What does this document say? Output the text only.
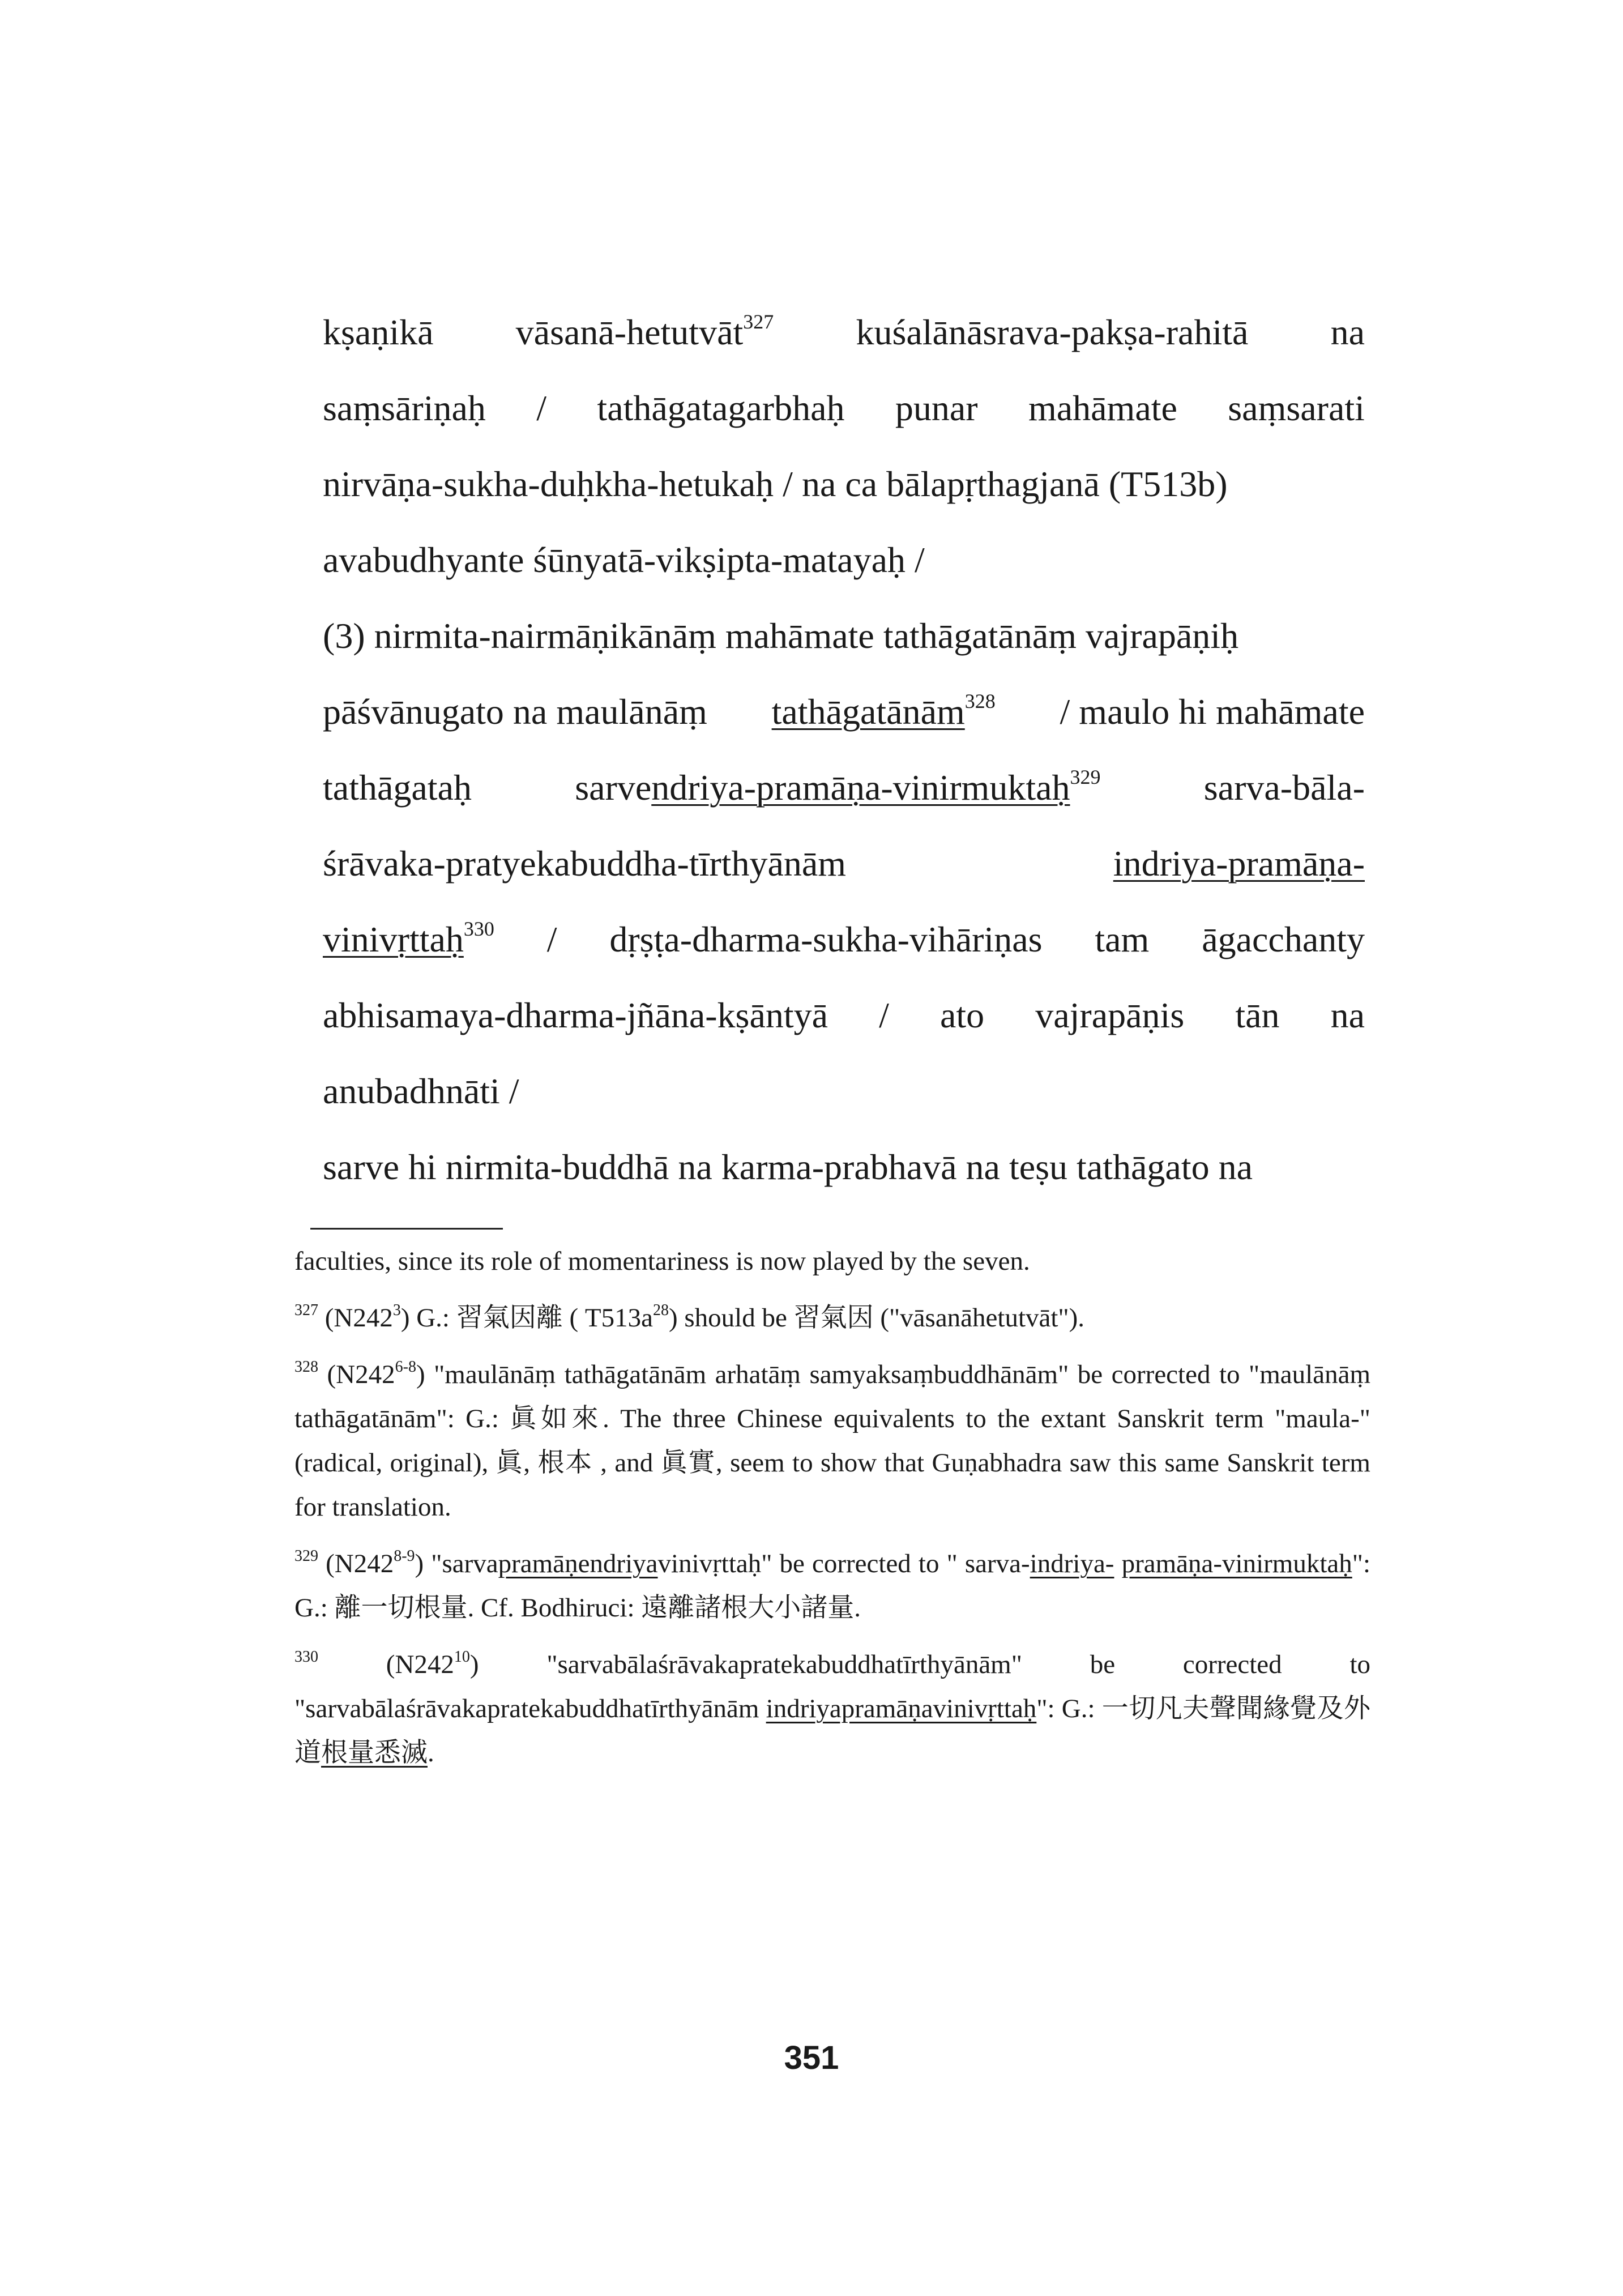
kṣaṇikā vāsanā-hetutvāt$^{327}$ kuśalānāsrava-pakṣa-rahitā na
saṃsāriṇaḥ / tathāgatagarbhaḥ punar mahāmate saṃsarati
nirvāṇa-sukha-duḥkha-hetukaḥ / na ca bālapṛthagjanā (T513b)
avabudhyante śūnyatā-vikṣipta-matayaḥ /
(3) nirmita-nairmāṇikānāṃ mahāmate tathāgatānāṃ vajrapāṇiḥ
pāśvānugato na maulānāṃ tathāgatānām$^{328}$ / maulo hi mahāmate
tathāgataḥ	sarvendriya-pramāṇa-vinirmuktaḥ$^{329}$	sarva-bāla-
śrāvaka-pratyekabuddha-tīrthyānām	indriya-pramāṇa-
vinivṛttaḥ$^{330}$ / dṛṣṭa-dharma-sukha-vihāriṇas tam āgacchanty
abhisamaya-dharma-jñāna-kṣāntyā / ato vajrapāṇis tān na
anubadhnāti /
sarve hi nirmita-buddhā na karma-prabhavā na teṣu tathāgato na

faculties, since its role of momentariness is now played by the seven.

$^{327}$ $(N242^3)$ G.: 習氣因離 ( $T513a^{28}$) should be 習氣因 ("vāsanāhetutvāt").

$^{328}$ (N242$^{6-8}$) "maulānāṃ tathāgatānām arhatāṃ samyaksaṃbuddhānām" be corrected to "maulānāṃ tathāgatānām": G.: 眞如來. The three Chinese equivalents to the extant Sanskrit term "maula-" (radical, original), 眞, 根本 , and 眞實, seem to show that Guṇabhadra saw this same Sanskrit term for translation.

$^{329}$ (N242$^{8-9}$) "sarvapramāṇendriyavinivṛttaḥ" be corrected to " sarva-indriya- pramāṇa-vinirmuktaḥ": G.: 離一切根量. Cf. Bodhiruci: 遠離諸根大小諸量.

$^{330}$	$(N242^{10})$ "sarvabālaśrāvakapratekabuddhatīrthyānām" be corrected to "sarvabālaśrāvakapratekabuddhatīrthyānām indriyapramāṇavinivṛttaḥ": G.: 一切凡夫聲聞緣覺及外道根量悉滅.

351
